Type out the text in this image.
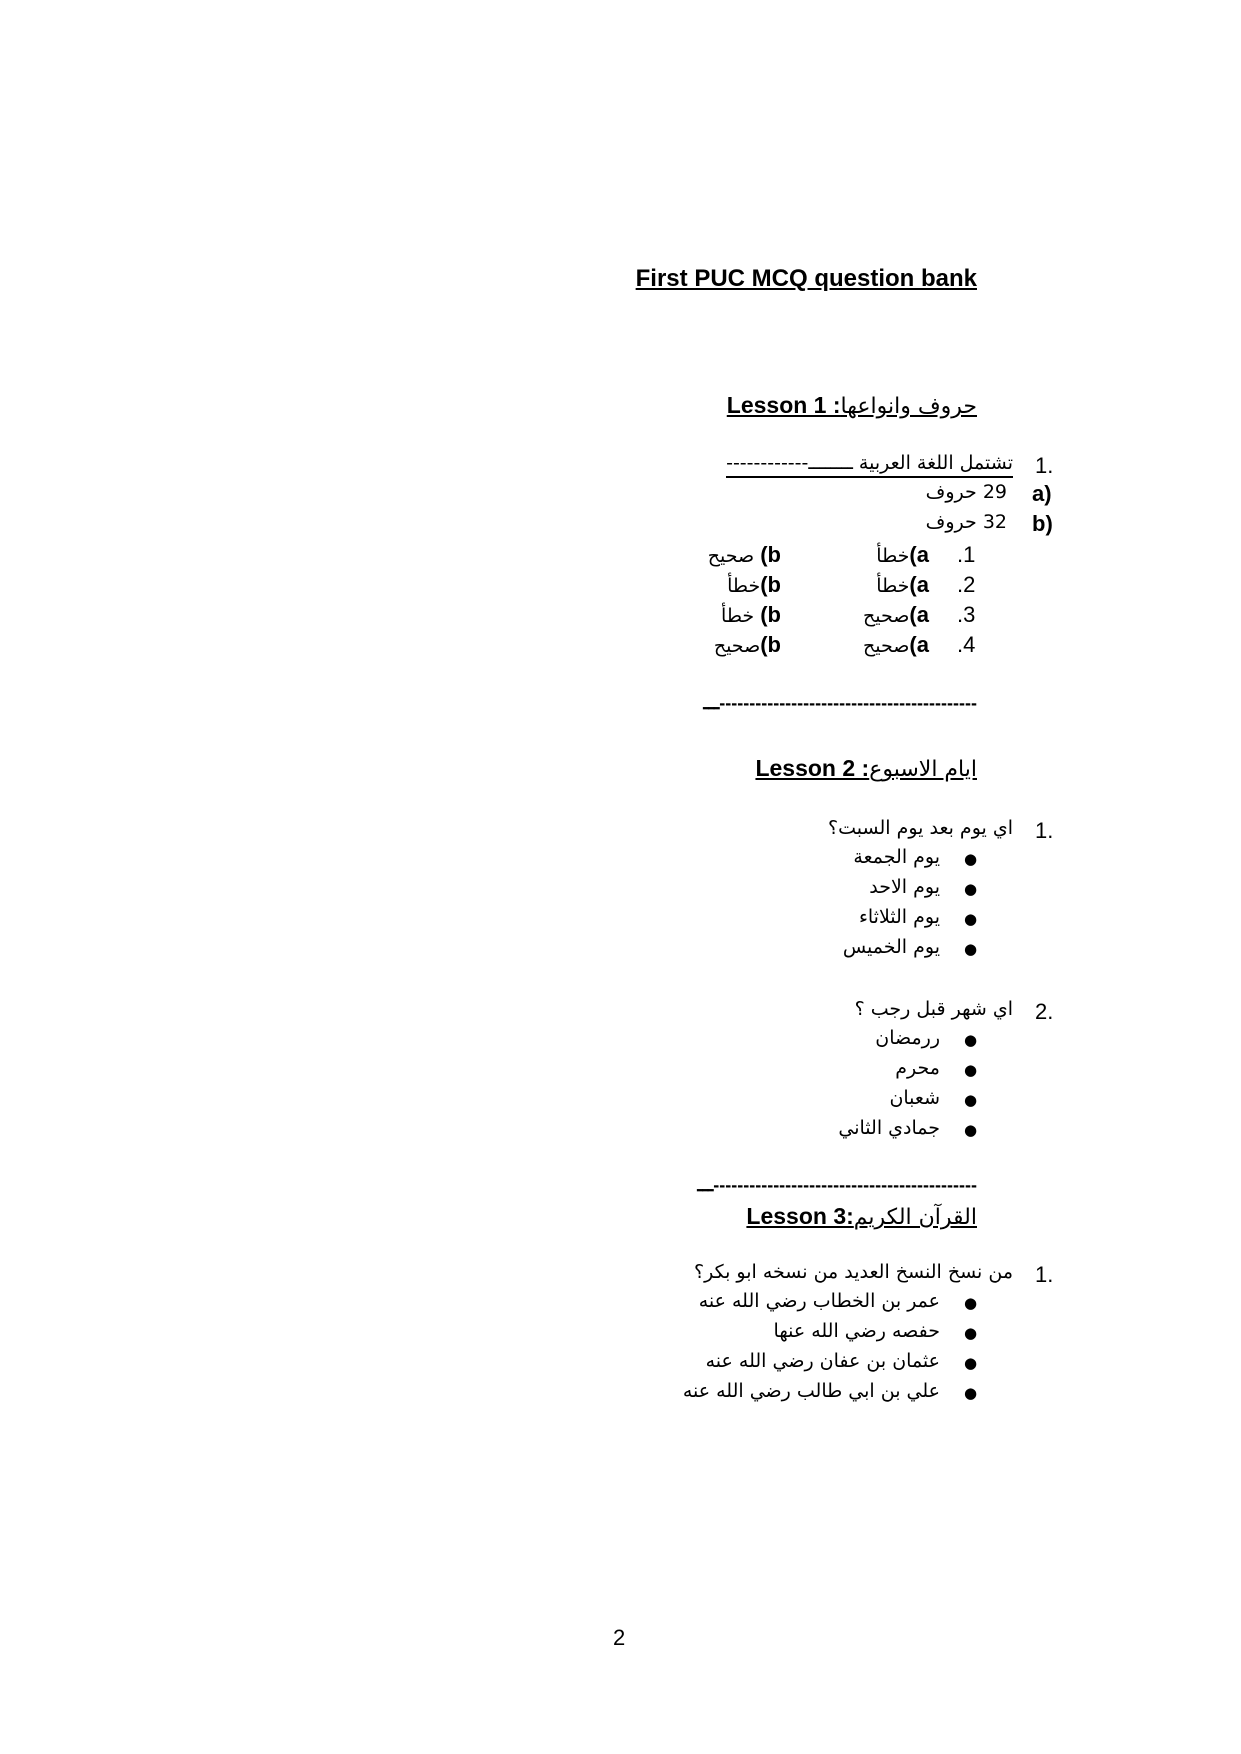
First PUC MCQ question bank
حروف وانواعهاLesson 1 :
1.
تشتمل اللغة العربية ــــــــ------------
a)
29 حروف
b)
32 حروف
.1
a)خطأ
b) صحيح
.2
a)خطأ
b)خطأ
.3
a)صحيح
b) خطأ
.4
a)صحيح
b)صحيح
ـــ-------------------------------------------
ايام الاسبوعLesson 2 :
1.
اي يوم بعد يوم السبت؟
●
يوم الجمعة
●
يوم الاحد
●
يوم الثلاثاء
●
يوم الخميس
2.
اي شهر قبل رجب ؟
●
ررمضان
●
محرم
●
شعبان
●
جمادي الثاني
ـــ--------------------------------------------
القرآن الكريمLesson 3:
1.
من نسخ النسخ العديد من نسخه ابو بكر؟
●
عمر بن الخطاب رضي الله عنه
●
حفصه رضي الله عنها
●
عثمان بن عفان رضي الله عنه
●
علي بن ابي طالب رضي الله عنه
2
